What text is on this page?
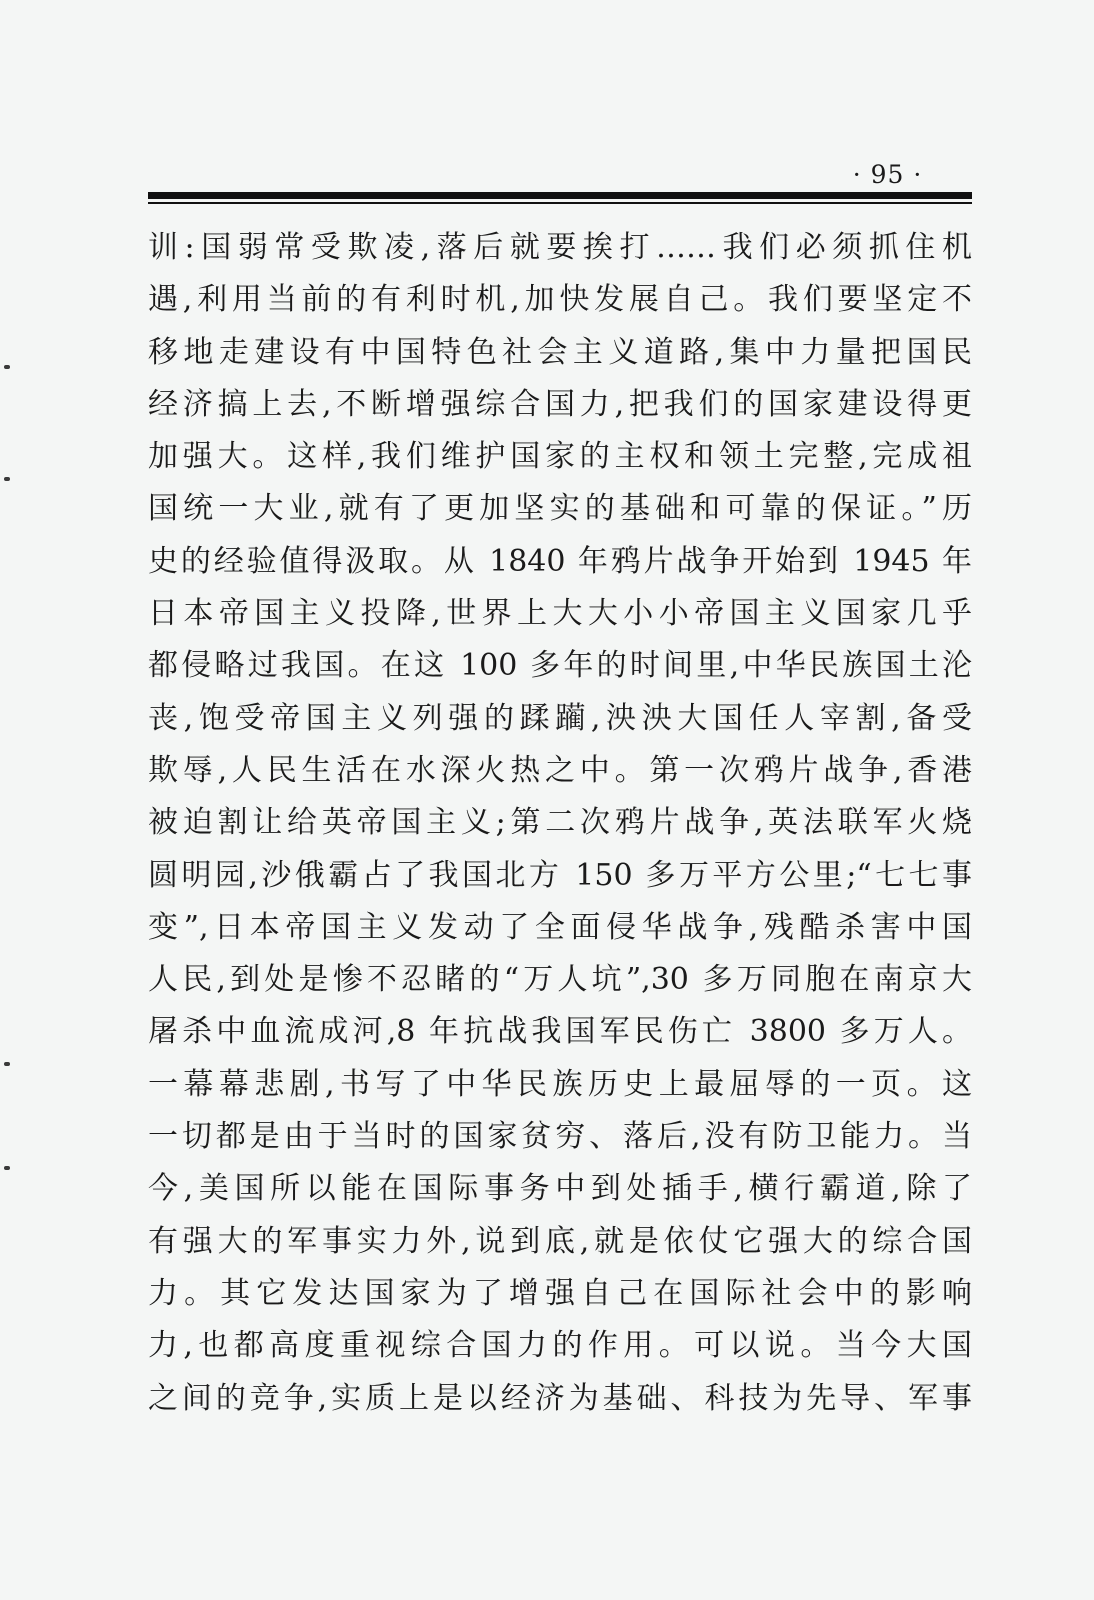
· 95 ·
训:国弱常受欺凌,落后就要挨打……我们必须抓住机
遇,利用当前的有利时机,加快发展自己。我们要坚定不
移地走建设有中国特色社会主义道路,集中力量把国民
经济搞上去,不断增强综合国力,把我们的国家建设得更
加强大。这样,我们维护国家的主权和领土完整,完成祖
国统一大业,就有了更加坚实的基础和可靠的保证。”历
史的经验值得汲取。从 1840 年鸦片战争开始到 1945 年
日本帝国主义投降,世界上大大小小帝国主义国家几乎
都侵略过我国。在这 100 多年的时间里,中华民族国土沦
丧,饱受帝国主义列强的蹂躏,泱泱大国任人宰割,备受
欺辱,人民生活在水深火热之中。第一次鸦片战争,香港
被迫割让给英帝国主义;第二次鸦片战争,英法联军火烧
圆明园,沙俄霸占了我国北方 150 多万平方公里;“七七事
变”,日本帝国主义发动了全面侵华战争,残酷杀害中国
人民,到处是惨不忍睹的“万人坑”,30 多万同胞在南京大
屠杀中血流成河,8 年抗战我国军民伤亡 3800 多万人。
一幕幕悲剧,书写了中华民族历史上最屈辱的一页。这
一切都是由于当时的国家贫穷、落后,没有防卫能力。当
今,美国所以能在国际事务中到处插手,横行霸道,除了
有强大的军事实力外,说到底,就是依仗它强大的综合国
力。其它发达国家为了增强自己在国际社会中的影响
力,也都高度重视综合国力的作用。可以说。当今大国
之间的竞争,实质上是以经济为基础、科技为先导、军事
